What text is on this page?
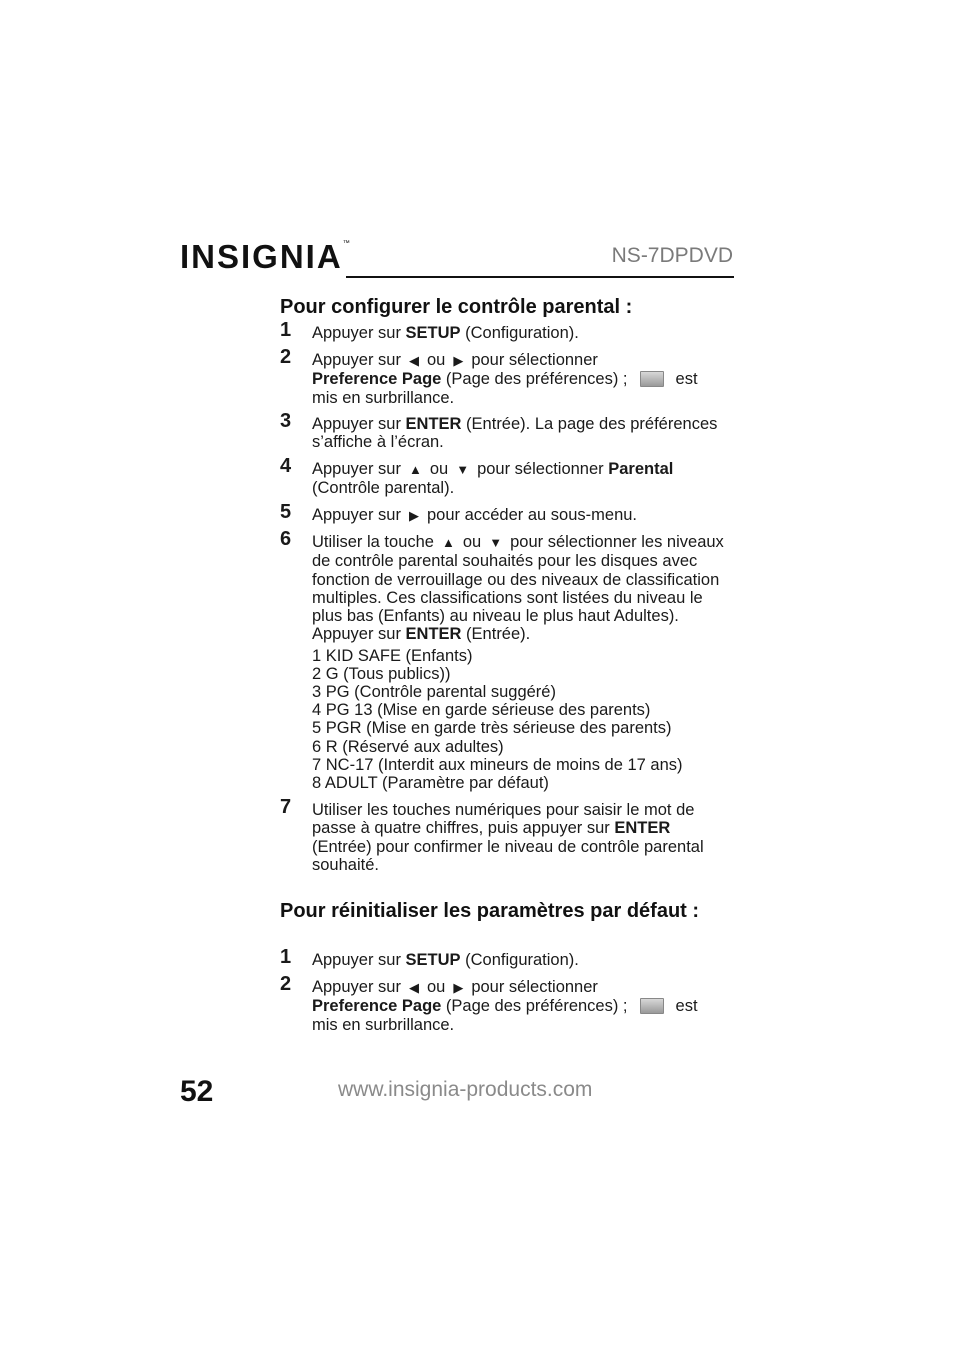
INSIGNIA™
NS-7DPDVD
Pour configurer le contrôle parental :
1 Appuyer sur SETUP (Configuration).
2 Appuyer sur ◀ ou ▶ pour sélectionner
Preference Page (Page des préférences) ;	est
mis en surbrillance.
3 Appuyer sur ENTER (Entrée). La page des préférences s’affiche à l’écran.
4 Appuyer sur ▲ ou ▼ pour sélectionner Parental
(Contrôle parental).
5 Appuyer sur ▶ pour accéder au sous-menu.
6 Utiliser la touche ▲ ou ▼ pour sélectionner les niveaux de contrôle parental souhaités pour les disques avec fonction de verrouillage ou des niveaux de classification multiples. Ces classifications sont listées du niveau le plus bas (Enfants) au niveau le plus haut Adultes). Appuyer sur ENTER (Entrée).
1 KID SAFE (Enfants)
2 G (Tous publics))
3 PG (Contrôle parental suggéré)
4 PG 13 (Mise en garde sérieuse des parents)
5 PGR (Mise en garde très sérieuse des parents)
6 R (Réservé aux adultes)
7 NC-17 (Interdit aux mineurs de moins de 17 ans)
8 ADULT (Paramètre par défaut)
7 Utiliser les touches numériques pour saisir le mot de passe à quatre chiffres, puis appuyer sur ENTER (Entrée) pour confirmer le niveau de contrôle parental souhaité.
Pour réinitialiser les paramètres par défaut :
1 Appuyer sur SETUP (Configuration).
2 Appuyer sur ◀ ou ▶ pour sélectionner
Preference Page (Page des préférences) ;	est
mis en surbrillance.
52	www.insignia-products.com
